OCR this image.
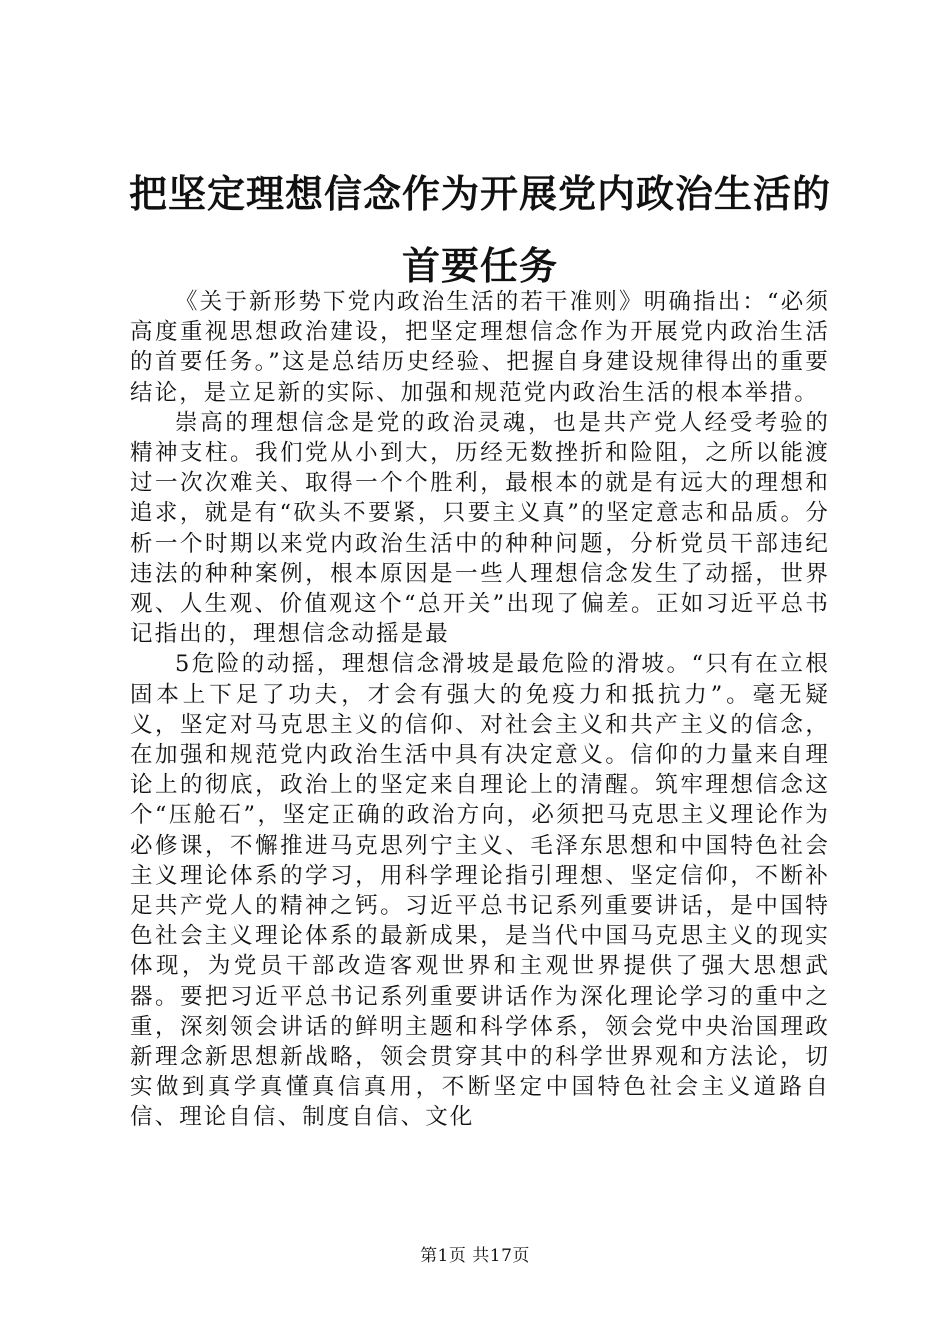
把坚定理想信念作为开展党内政治生活的首要任务

《关于新形势下党内政治生活的若干准则》明确指出：“必须高度重视思想政治建设，把坚定理想信念作为开展党内政治生活的首要任务。”这是总结历史经验、把握自身建设规律得出的重要结论，是立足新的实际、加强和规范党内政治生活的根本举措。

崇高的理想信念是党的政治灵魂，也是共产党人经受考验的精神支柱。我们党从小到大，历经无数挫折和险阻，之所以能渡过一次次难关、取得一个个胜利，最根本的就是有远大的理想和追求，就是有“砍头不要紧，只要主义真”的坚定意志和品质。分析一个时期以来党内政治生活中的种种问题，分析党员干部违纪违法的种种案例，根本原因是一些人理想信念发生了动摇，世界观、人生观、价值观这个“总开关”出现了偏差。正如习近平总书记指出的，理想信念动摇是最

5危险的动摇，理想信念滑坡是最危险的滑坡。“只有在立根固本上下足了功夫，才会有强大的免疫力和抵抗力”。毫无疑义，坚定对马克思主义的信仰、对社会主义和共产主义的信念，在加强和规范党内政治生活中具有决定意义。信仰的力量来自理论上的彻底，政治上的坚定来自理论上的清醒。筑牢理想信念这个“压舱石”，坚定正确的政治方向，必须把马克思主义理论作为必修课，不懈推进马克思列宁主义、毛泽东思想和中国特色社会主义理论体系的学习，用科学理论指引理想、坚定信仰，不断补足共产党人的精神之钙。习近平总书记系列重要讲话，是中国特色社会主义理论体系的最新成果，是当代中国马克思主义的现实体现，为党员干部改造客观世界和主观世界提供了强大思想武器。要把习近平总书记系列重要讲话作为深化理论学习的重中之重，深刻领会讲话的鲜明主题和科学体系，领会党中央治国理政新理念新思想新战略，领会贯穿其中的科学世界观和方法论，切实做到真学真懂真信真用，不断坚定中国特色社会主义道路自信、理论自信、制度自信、文化

第1页 共17页
